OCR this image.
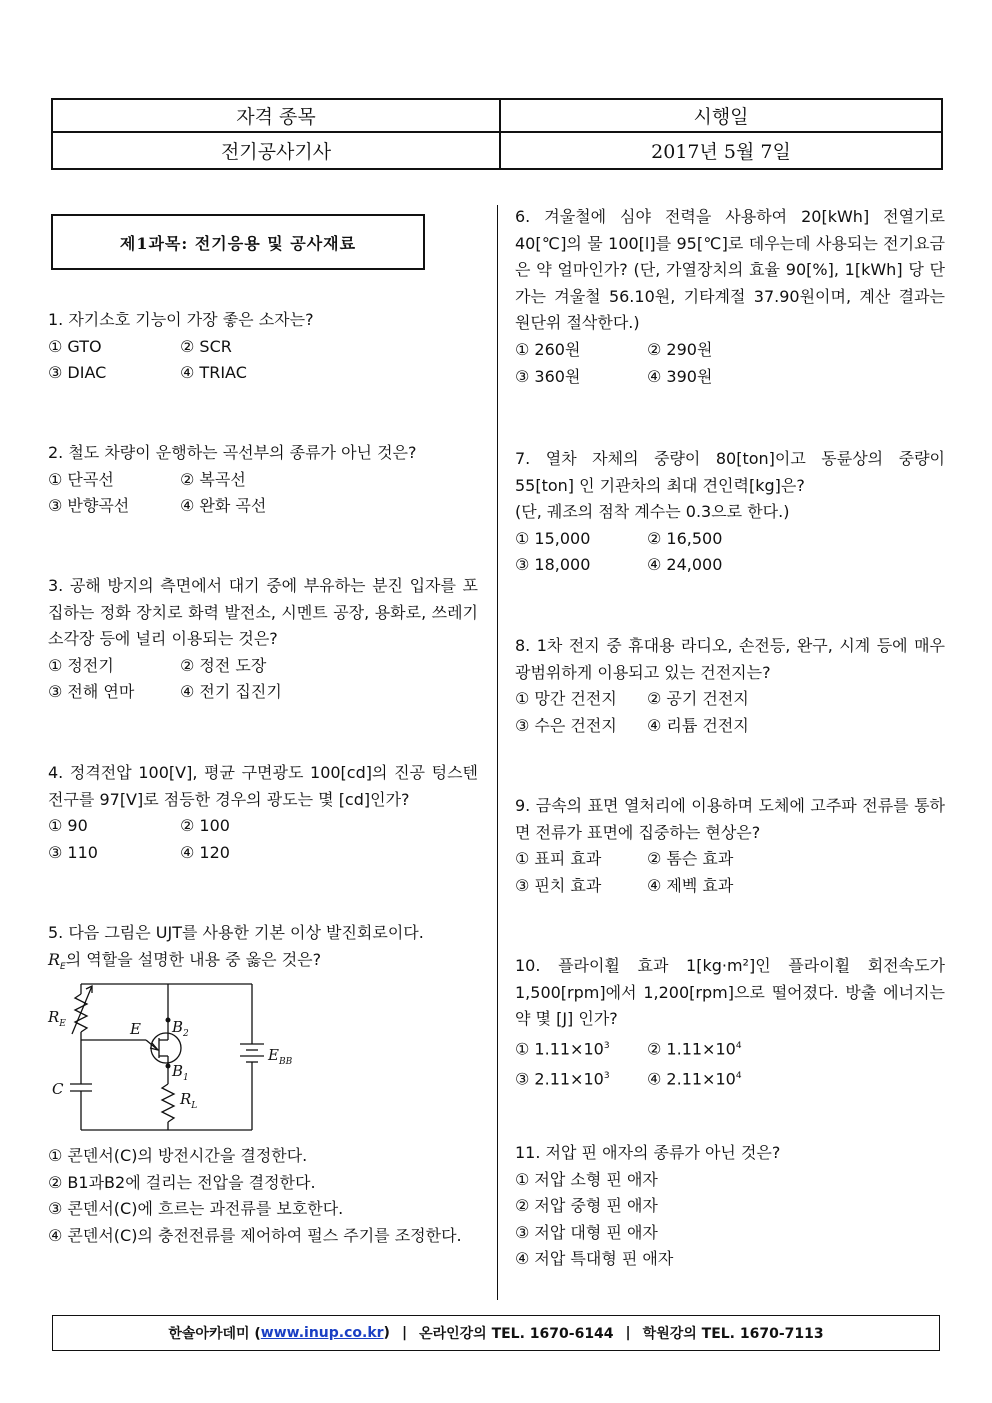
자격 종목	시행일
전기공사기사	2017년 5월 7일
제1과목: 전기응용 및 공사재료
1. 자기소호 기능이 가장 좋은 소자는?
① GTO	② SCR
③ DIAC	④ TRIAC
2. 철도 차량이 운행하는 곡선부의 종류가 아닌 것은?
① 단곡선	② 복곡선
③ 반향곡선	④ 완화 곡선
3. 공해 방지의 측면에서 대기 중에 부유하는 분진 입자를 포집하는 정화 장치로 화력 발전소, 시멘트 공장, 용화로, 쓰레기 소각장 등에 널리 이용되는 것은?
① 정전기	② 정전 도장
③ 전해 연마	④ 전기 집진기
4. 정격전압 100[V], 평균 구면광도 100[cd]의 진공 텅스텐 전구를 97[V]로 점등한 경우의 광도는 몇 [cd]인가?
① 90	② 100
③ 110	④ 120
5. 다음 그림은 UJT를 사용한 기본 이상 발진회로이다.
$R_E$의 역할을 설명한 내용 중 옳은 것은?
$R_E$	E $B_2$
$B_1$
$R_L$
C
$E_{BB}$
① 콘덴서(C)의 방전시간을 결정한다.
② B1과B2에 걸리는 전압을 결정한다.
③ 콘덴서(C)에 흐르는 과전류를 보호한다.
④ 콘덴서(C)의 충전전류를 제어하여 펄스 주기를 조정한다.
6. 겨울철에 심야 전력을 사용하여 20[kWh] 전열기로 40[℃]의 물 100[l]를 95[℃]로 데우는데 사용되는 전기요금은 약 얼마인가? (단, 가열장치의 효율 90[%], 1[kWh] 당 단가는 겨울철 56.10원, 기타계절 37.90원이며, 계산 결과는 원단위 절삭한다.)
① 260원	② 290원
③ 360원	④ 390원
7. 열차 자체의 중량이 80[ton]이고 동륜상의 중량이 55[ton] 인 기관차의 최대 견인력[kg]은?
(단, 궤조의 점착 계수는 0.3으로 한다.)
① 15,000	② 16,500
③ 18,000	④ 24,000
8. 1차 전지 중 휴대용 라디오, 손전등, 완구, 시계 등에 매우 광범위하게 이용되고 있는 건전지는?
① 망간 건전지	② 공기 건전지
③ 수은 건전지	④ 리튬 건전지
9. 금속의 표면 열처리에 이용하며 도체에 고주파 전류를 통하면 전류가 표면에 집중하는 현상은?
① 표피 효과	② 톰슨 효과
③ 핀치 효과	④ 제벡 효과
10. 플라이휠 효과 1[kg·m²]인 플라이휠 회전속도가 1,500[rpm]에서 1,200[rpm]으로 떨어졌다. 방출 에너지는 약 몇 [J] 인가?
① $1.11\times 10^3$	② $1.11\times 10^4$
③ $2.11\times 10^3$	④ $2.11\times 10^4$
11. 저압 핀 애자의 종류가 아닌 것은?
① 저압 소형 핀 애자
② 저압 중형 핀 애자
③ 저압 대형 핀 애자
④ 저압 특대형 핀 애자
한솔아카데미 ( www.inup.co.kr ) | 온라인강의 TEL. 1670-6144 | 학원강의 TEL. 1670-7113
